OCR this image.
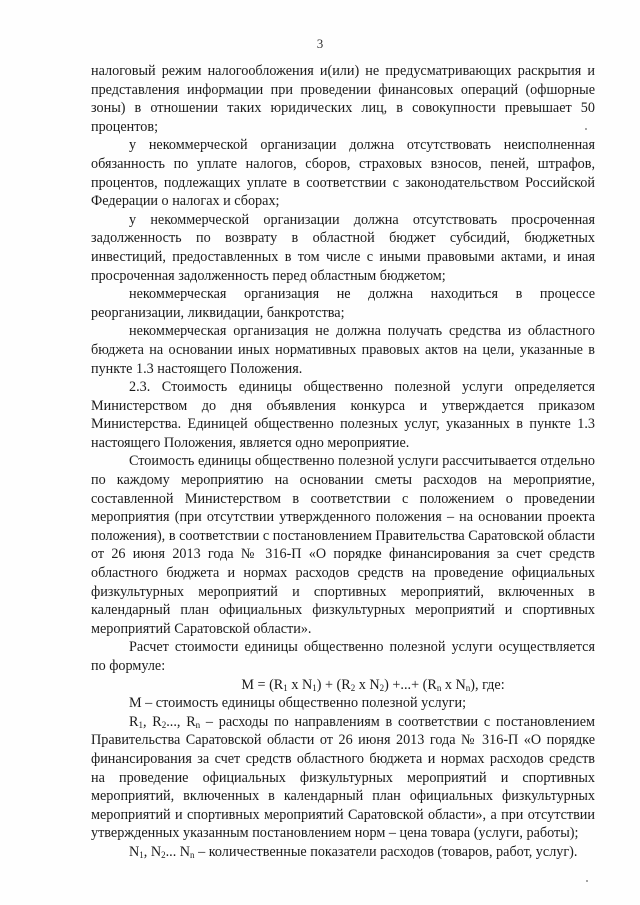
3

налоговый режим налогообложения и(или) не предусматривающих раскрытия и представления информации при проведении финансовых операций (офшорные зоны) в отношении таких юридических лиц, в совокупности превышает 50 процентов;

у некоммерческой организации должна отсутствовать неисполненная обязанность по уплате налогов, сборов, страховых взносов, пеней, штрафов, процентов, подлежащих уплате в соответствии с законодательством Российской Федерации о налогах и сборах;

у некоммерческой организации должна отсутствовать просроченная задолженность по возврату в областной бюджет субсидий, бюджетных инвестиций, предоставленных в том числе с иными правовыми актами, и иная просроченная задолженность перед областным бюджетом;

некоммерческая организация не должна находиться в процессе реорганизации, ликвидации, банкротства;

некоммерческая организация не должна получать средства из областного бюджета на основании иных нормативных правовых актов на цели, указанные в пункте 1.3 настоящего Положения.

2.3. Стоимость единицы общественно полезной услуги определяется Министерством до дня объявления конкурса и утверждается приказом Министерства. Единицей общественно полезных услуг, указанных в пункте 1.3 настоящего Положения, является одно мероприятие.

Стоимость единицы общественно полезной услуги рассчитывается отдельно по каждому мероприятию на основании сметы расходов на мероприятие, составленной Министерством в соответствии с положением о проведении мероприятия (при отсутствии утвержденного положения – на основании проекта положения), в соответствии с постановлением Правительства Саратовской области от 26 июня 2013 года № 316-П «О порядке финансирования за счет средств областного бюджета и нормах расходов средств на проведение официальных физкультурных мероприятий и спортивных мероприятий, включенных в календарный план официальных физкультурных мероприятий и спортивных мероприятий Саратовской области».

Расчет стоимости единицы общественно полезной услуги осуществляется по формуле:

$M = (R_1$ x $N_1) + (R_2$ x $N_2$) +...+ ($R_n$ x $N_n$), где:

M – стоимость единицы общественно полезной услуги;

$R_1$, $R_2$..., $R_n$ – расходы по направлениям в соответствии с постановлением Правительства Саратовской области от 26 июня 2013 года № 316-П «О порядке финансирования за счет средств областного бюджета и нормах расходов средств на проведение официальных физкультурных мероприятий и спортивных мероприятий, включенных в календарный план официальных физкультурных мероприятий и спортивных мероприятий Саратовской области», а при отсутствии утвержденных указанным постановлением норм – цена товара (услуги, работы);

$N_1$, $N_2$... $N_n$ – количественные показатели расходов (товаров, работ, услуг).
